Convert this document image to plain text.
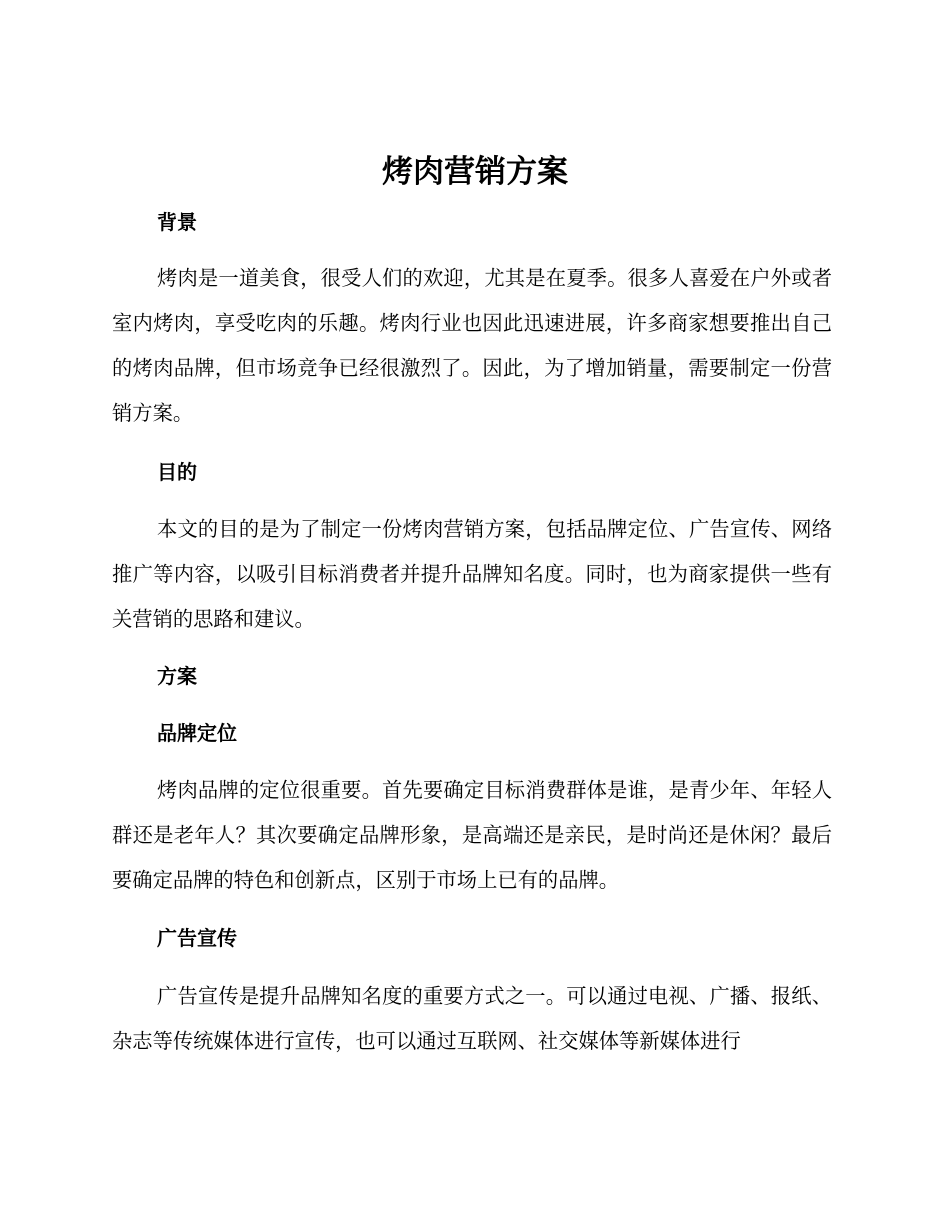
烤肉营销方案
背景

烤肉是一道美食，很受人们的欢迎，尤其是在夏季。很多人喜爱在户外或者室内烤肉，享受吃肉的乐趣。烤肉行业也因此迅速进展，许多商家想要推出自己的烤肉品牌，但市场竞争已经很激烈了。因此，为了增加销量，需要制定一份营销方案。

目的

本文的目的是为了制定一份烤肉营销方案，包括品牌定位、广告宣传、网络推广等内容，以吸引目标消费者并提升品牌知名度。同时，也为商家提供一些有关营销的思路和建议。

方案
品牌定位

烤肉品牌的定位很重要。首先要确定目标消费群体是谁，是青少年、年轻人群还是老年人？其次要确定品牌形象，是高端还是亲民，是时尚还是休闲？最后要确定品牌的特色和创新点，区别于市场上已有的品牌。

广告宣传

广告宣传是提升品牌知名度的重要方式之一。可以通过电视、广播、报纸、杂志等传统媒体进行宣传，也可以通过互联网、社交媒体等新媒体进行
